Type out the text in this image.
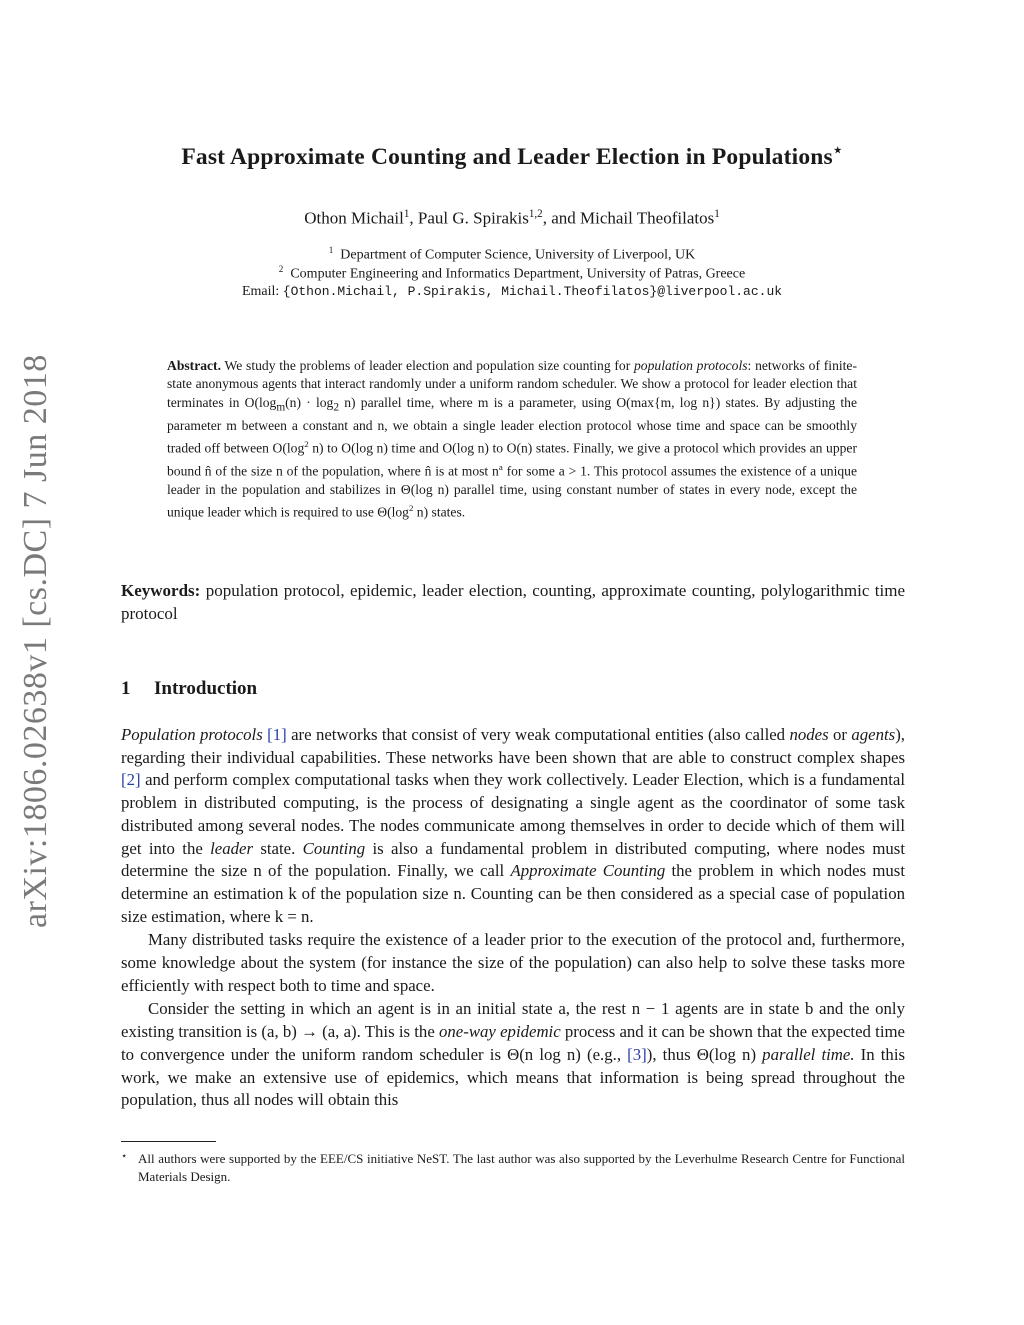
arXiv:1806.02638v1 [cs.DC] 7 Jun 2018
Fast Approximate Counting and Leader Election in Populations⋆
Othon Michail$^1$, Paul G. Spirakis$^{1,2}$, and Michail Theofilatos$^1$
$^1$ Department of Computer Science, University of Liverpool, UK
$^2$ Computer Engineering and Informatics Department, University of Patras, Greece
Email: {Othon.Michail, P.Spirakis, Michail.Theofilatos}@liverpool.ac.uk
Abstract. We study the problems of leader election and population size counting for population protocols: networks of finite-state anonymous agents that interact randomly under a uniform random scheduler. We show a protocol for leader election that terminates in $O(\log_m(n) \cdot \log_2 n)$ parallel time, where m is a parameter, using O(max{m, log n}) states. By adjusting the parameter m between a constant and n, we obtain a single leader election protocol whose time and space can be smoothly traded off between $O(\log^2$ n) to O(log n) time and O(log n) to O(n) states. Finally, we give a protocol which provides an upper bound n̂ of the size n of the population, where n̂ is at most $n^a$ for some a > 1. This protocol assumes the existence of a unique leader in the population and stabilizes in Θ(log n) parallel time, using constant number of states in every node, except the unique leader which is required to use $\Theta(\log^2$ n) states.
Keywords: population protocol, epidemic, leader election, counting, approximate counting, polylogarithmic time protocol
1 Introduction

Population protocols [1] are networks that consist of very weak computational entities (also called nodes or agents), regarding their individual capabilities. These networks have been shown that are able to construct complex shapes [2] and perform complex computational tasks when they work collectively. Leader Election, which is a fundamental problem in distributed computing, is the process of designating a single agent as the coordinator of some task distributed among several nodes. The nodes communicate among themselves in order to decide which of them will get into the leader state. Counting is also a fundamental problem in distributed computing, where nodes must determine the size n of the population. Finally, we call Approximate Counting the problem in which nodes must determine an estimation k of the population size n. Counting can be then considered as a special case of population size estimation, where k = n.

Many distributed tasks require the existence of a leader prior to the execution of the protocol and, furthermore, some knowledge about the system (for instance the size of the population) can also help to solve these tasks more efficiently with respect both to time and space.

Consider the setting in which an agent is in an initial state a, the rest n − 1 agents are in state b and the only existing transition is (a, b) → (a, a). This is the one-way epidemic process and it can be shown that the expected time to convergence under the uniform random scheduler is Θ(n log n) (e.g., [3]), thus Θ(log n) parallel time. In this work, we make an extensive use of epidemics, which means that information is being spread throughout the population, thus all nodes will obtain this

⋆ All authors were supported by the EEE/CS initiative NeST. The last author was also supported by the Leverhulme Research Centre for Functional Materials Design.
